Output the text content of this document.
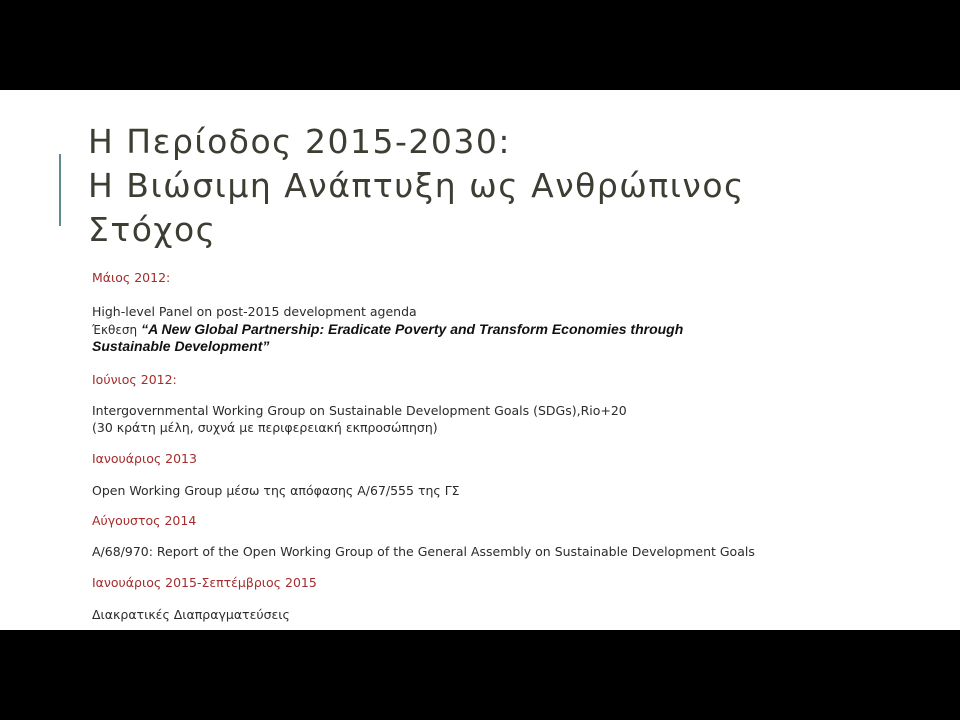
Η Περίοδος 2015-2030:
Η Βιώσιμη Ανάπτυξη ως Ανθρώπινος
Στόχος
Μάιος 2012:
High-level Panel on post-2015 development agenda
Έκθεση “A New Global Partnership: Eradicate Poverty and Transform Economies through
Sustainable Development”
Ιούνιος 2012:
Intergovernmental Working Group on Sustainable Development Goals (SDGs),Rio+20
(30 κράτη μέλη, συχνά με περιφερειακή εκπροσώπηση)
Ιανουάριος 2013
Open Working Group μέσω της απόφασης Α/67/555 της ΓΣ
Αύγουστος 2014
A/68/970: Report of the Open Working Group of the General Assembly on Sustainable Development Goals
Ιανουάριος 2015-Σεπτέμβριος 2015
Διακρατικές Διαπραγματεύσεις
